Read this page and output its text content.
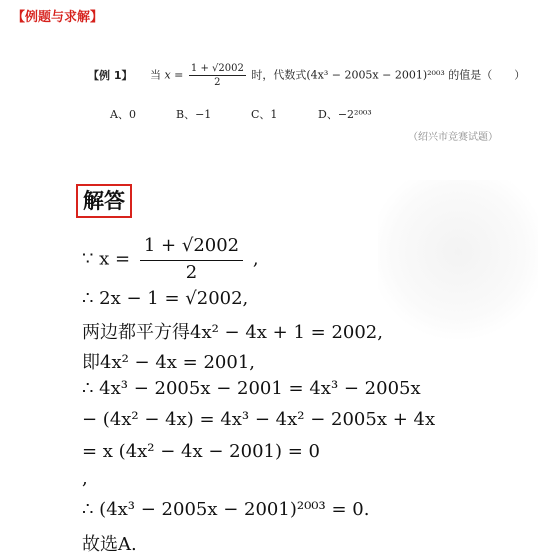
【例题与求解】
【例 1】 当 $x = \frac{1 + √2002}{2}$ 时，代数式(4x³ − 2005x − 2001)²⁰⁰³ 的值是（　　）
A、0	B、−1	C、1	D、−2²⁰⁰³
（绍兴市竞赛试题）
解答
∵ $x = \frac{1 + √2002}{2}$ ,
∴ 2x − 1 = √2002,
两边都平方得4x² − 4x + 1 = 2002,
即4x² − 4x = 2001,
∴ 4x³ − 2005x − 2001 = 4x³ − 2005x
− (4x² − 4x) = 4x³ − 4x² − 2005x + 4x
= x (4x² − 4x − 2001) = 0
,
∴ (4x³ − 2005x − 2001)²⁰⁰³ = 0.
故选A.
